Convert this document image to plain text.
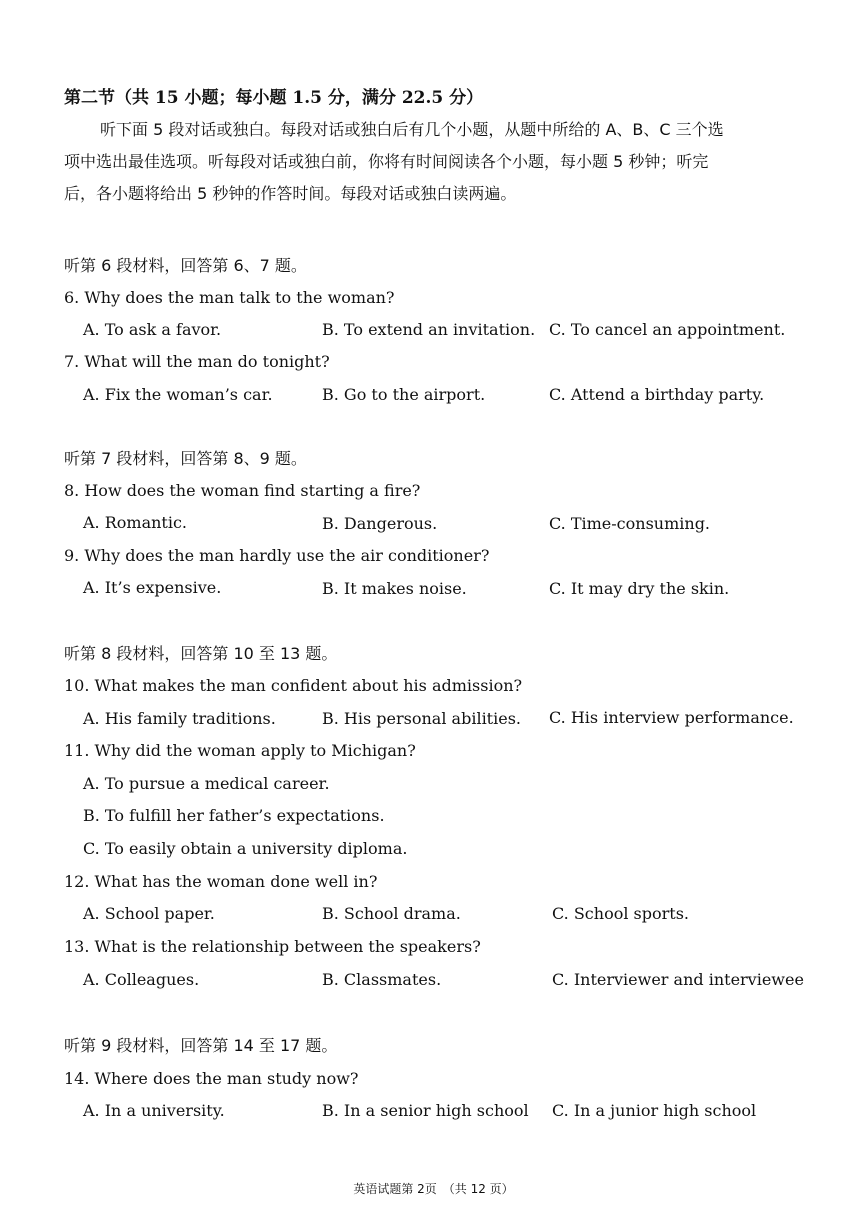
第二节（共 15 小题；每小题 1.5 分，满分 22.5 分）
听下面 5 段对话或独白。每段对话或独白后有几个小题，从题中所给的 A、B、C 三个选
项中选出最佳选项。听每段对话或独白前，你将有时间阅读各个小题，每小题 5 秒钟；听完
后，各小题将给出 5 秒钟的作答时间。每段对话或独白读两遍。
听第 6 段材料，回答第 6、7 题。
6. Why does the man talk to the woman?
A. To ask a favor.	B. To extend an invitation. C. To cancel an appointment.
7. What will the man do tonight?
A. Fix the woman’s car.	B. Go to the airport.	C. Attend a birthday party.
听第 7 段材料，回答第 8、9 题。
8. How does the woman find starting a fire?
A. Romantic.	B. Dangerous.	C. Time-consuming.
9. Why does the man hardly use the air conditioner?
A. It’s expensive.	B. It makes noise.	C. It may dry the skin.
听第 8 段材料，回答第 10 至 13 题。
10. What makes the man confident about his admission?
A. His family traditions.	B. His personal abilities. C. His interview performance.
11. Why did the woman apply to Michigan?
A. To pursue a medical career.
B. To fulfill her father’s expectations.
C. To easily obtain a university diploma.
12. What has the woman done well in?
A. School paper.	B. School drama.	C. School sports.
13. What is the relationship between the speakers?
A. Colleagues.	B. Classmates.	C. Interviewer and interviewee
听第 9 段材料，回答第 14 至 17 题。
14. Where does the man study now?
A. In a university.	B. In a senior high school C. In a junior high school
英语试题第 2页　（共 12 页）
